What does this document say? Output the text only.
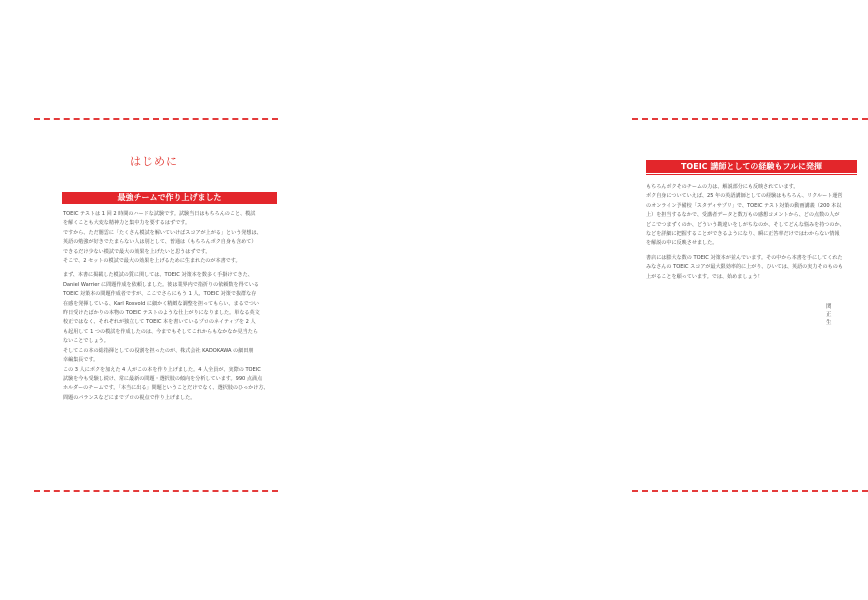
はじめに
最強チームで作り上げました

TOEIC テストは 1 回 2 時間のハードな試験です。試験当日はもちろんのこと、模試
を解くことも大変な精神力と集中力を要するはずです。
ですから、ただ闇雲に「たくさん模試を解いていけばスコアが上がる」という発想は、
英語の勉強が好きでたまらない人は別として、普通は（もちろんボク自身も含めて）
できるだけ少ない模試で最大の効果を上げたいと思うはずです。
そこで、2 セットの模試で最大の効果を上げるために生まれたのが本書です。

まず、本書に掲載した模試の質に関しては、TOEIC 対策本を数多く手掛けてきた、
Daniel Warrier に問題作成を依頼しました。彼は業界内で指折りの依頼数を得ている
TOEIC 対策本の問題作成者ですが、ここでさらにもう 1 人、TOEIC 対策で抜群な存
在感を発揮している、Karl Rosvold に細かく精緻な調整を担ってもらい、まるでつい
昨日受けたばかりの本物の TOEIC テストのような仕上がりになりました。単なる英文
校正ではなく、それぞれが独立して TOEIC 本を書いているプロのネイティブを 2 人
も起用して 1 つの模試を作成したのは、今までもそしてこれからもなかなか見当たら
ないことでしょう。
そしてこの本の総指揮としての役割を担ったのが、株式会社 KADOKAWA の細田朋
幸編集長です。
この 3 人にボクを加えた 4 人がこの本を作り上げました。4 人全員が、実際の TOEIC
試験を今も受験し続け、常に最新の問題・選択肢の傾向を分析しています。990 点満点
ホルダーのチームです。「本当に出る」問題ということだけでなく、選択肢のひっかけ方、
問題のバランスなどにまでプロの視点で作り上げました。

TOEIC 講師としての経験もフルに発揮

もちろんボクそのチームの力は、解説部分にも反映されています。
ボク自身についていえば、25 年の英語講師としての経験はもちろん、リクルート運営
のオンライン予備校「スタディサプリ」で、TOEIC テスト対策の動画講義（200 本以
上）を担当するなかで、受講者データと数万もの感想コメントから、どの点数の人が
どこでつまずくのか、どういう勘違いをしがちなのか、そしてどんな悩みを持つのか、
などを詳細に把握することができるようになり、瞬に正答率だけではわからない情報
を解説の中に反映させました。

書店には膨大な数の TOEIC 対策本が並んでいます。その中から本書を手にしてくれた
みなさんの TOEIC スコアが最大限効率的に上がり、ひいては、英語の実力そのものも
上がることを願っています。では、始めましょう！

関 正生
